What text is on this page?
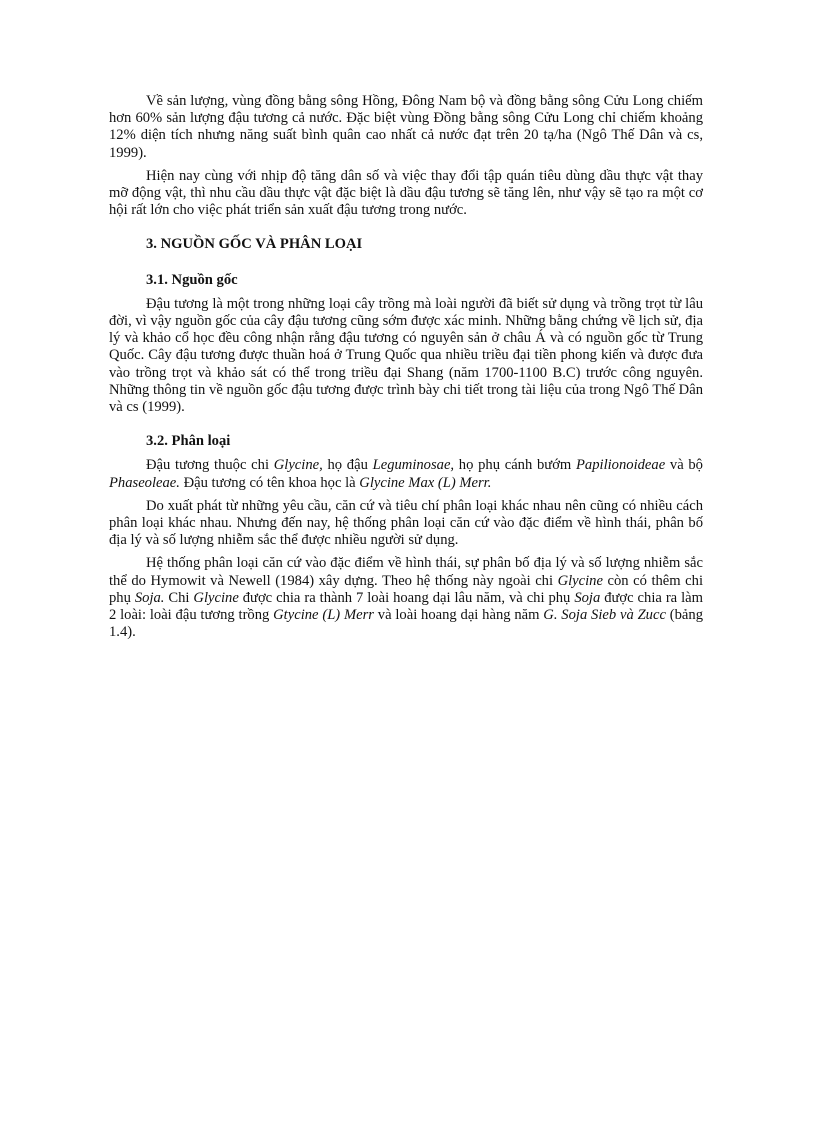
Về sản lượng, vùng đồng bằng sông Hồng, Đông Nam bộ và đồng bằng sông Cửu Long chiếm hơn 60% sản lượng đậu tương cả nước. Đặc biệt vùng Đồng bằng sông Cửu Long chỉ chiếm khoảng 12% diện tích nhưng năng suất bình quân cao nhất cả nước đạt trên 20 tạ/ha (Ngô Thế Dân và cs, 1999).

Hiện nay cùng với nhịp độ tăng dân số và việc thay đổi tập quán tiêu dùng dầu thực vật thay mỡ động vật, thì nhu cầu dầu thực vật đặc biệt là dầu đậu tương sẽ tăng lên, như vậy sẽ tạo ra một cơ hội rất lớn cho việc phát triển sản xuất đậu tương trong nước.

3. NGUỒN GỐC VÀ PHÂN LOẠI
3.1. Nguồn gốc

Đậu tương là một trong những loại cây trồng mà loài người đã biết sử dụng và trồng trọt từ lâu đời, vì vậy nguồn gốc của cây đậu tương cũng sớm được xác minh. Những bằng chứng về lịch sử, địa lý và khảo cổ học đều công nhận rằng đậu tương có nguyên sản ở châu Á và có nguồn gốc từ Trung Quốc. Cây đậu tương được thuần hoá ở Trung Quốc qua nhiều triều đại tiền phong kiến và được đưa vào trồng trọt và khảo sát có thể trong triều đại Shang (năm 1700-1100 B.C) trước công nguyên. Những thông tin về nguồn gốc đậu tương được trình bày chi tiết trong tài liệu của trong Ngô Thế Dân và cs (1999).

3.2. Phân loại

Đậu tương thuộc chi Glycine, họ đậu Leguminosae, họ phụ cánh bướm Papilionoideae và bộ Phaseoleae. Đậu tương có tên khoa học là Glycine Max (L) Merr.

Do xuất phát từ những yêu cầu, căn cứ và tiêu chí phân loại khác nhau nên cũng có nhiều cách phân loại khác nhau. Nhưng đến nay, hệ thống phân loại căn cứ vào đặc điểm về hình thái, phân bố địa lý và số lượng nhiễm sắc thể được nhiều người sử dụng.

Hệ thống phân loại căn cứ vào đặc điểm về hình thái, sự phân bố địa lý và số lượng nhiễm sắc thể do Hymowit và Newell (1984) xây dựng. Theo hệ thống này ngoài chi Glycine còn có thêm chi phụ Soja. Chi Glycine được chia ra thành 7 loài hoang dại lâu năm, và chi phụ Soja được chia ra làm 2 loài: loài đậu tương trồng Gtycine (L) Merr và loài hoang dại hàng năm G. Soja Sieb và Zucc (bảng 1.4).
